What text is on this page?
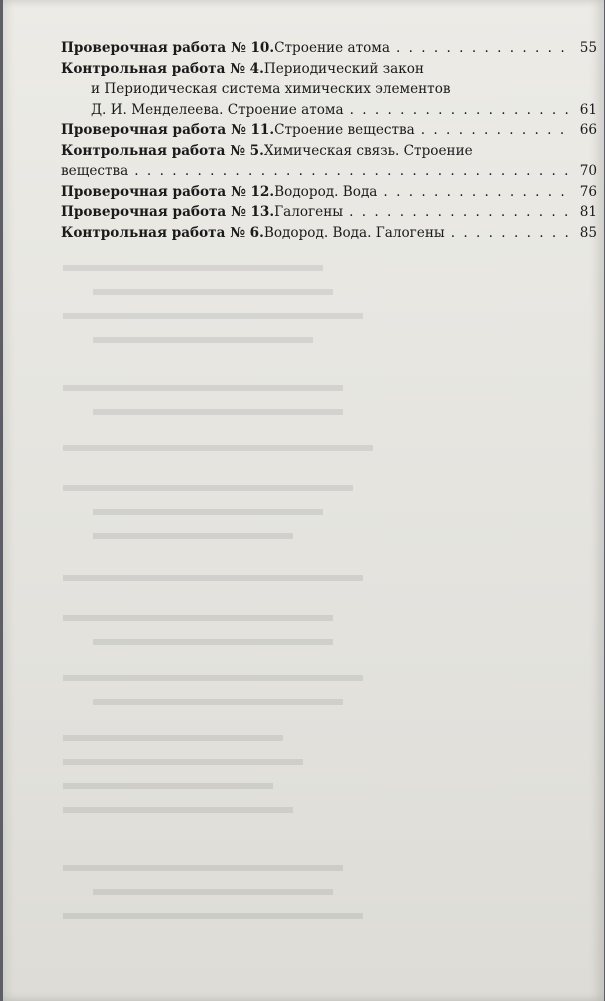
Проверочная работа № 10. Строение атома . . .	55
Контрольная работа № 4. Периодический закон
и Периодическая система химических элементов
Д. И. Менделеева. Строение атома . . .	61
Проверочная работа № 11. Строение вещества . . .	66
Контрольная работа № 5. Химическая связь. Строение
вещества . . .	70
Проверочная работа № 12. Водород. Вода . . .	76
Проверочная работа № 13. Галогены . . .	81
Контрольная работа № 6. Водород. Вода. Галогены . . .	85
